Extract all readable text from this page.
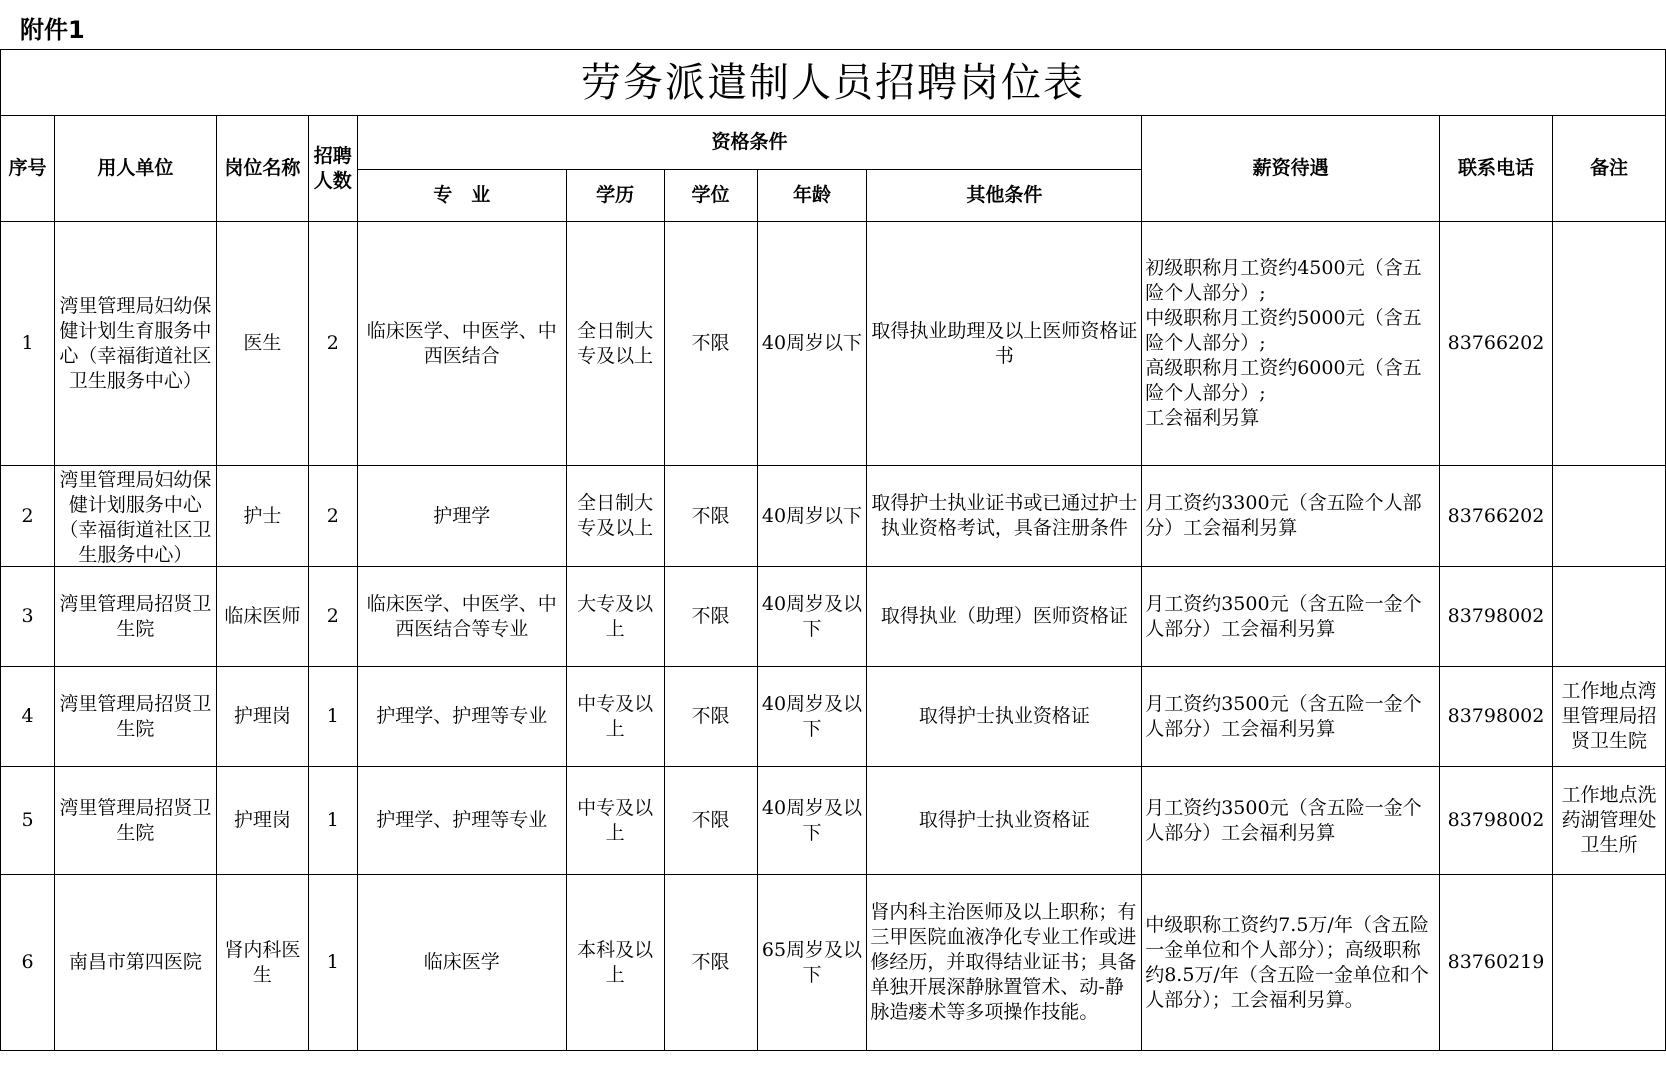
附件1
劳务派遣制人员招聘岗位表											
序号	用人单位	岗位名称	招聘人数	资格条件					薪资待遇	联系电话	备注
				专　业	学历	学位	年龄	其他条件			
1	湾里管理局妇幼保健计划生育服务中心（幸福街道社区卫生服务中心）	医生	2	临床医学、中医学、中西医结合	全日制大专及以上	不限	40周岁以下	取得执业助理及以上医师资格证书	初级职称月工资约4500元（含五险个人部分）;
中级职称月工资约5000元（含五险个人部分）;
高级职称月工资约6000元（含五险个人部分）;
工会福利另算	83766202	
2	湾里管理局妇幼保健计划服务中心（幸福街道社区卫生服务中心）	护士	2	护理学	全日制大专及以上	不限	40周岁以下	取得护士执业证书或已通过护士执业资格考试，具备注册条件	月工资约3300元（含五险个人部分）工会福利另算	83766202	
3	湾里管理局招贤卫生院	临床医师	2	临床医学、中医学、中西医结合等专业	大专及以上	不限	40周岁及以下	取得执业（助理）医师资格证	月工资约3500元（含五险一金个人部分）工会福利另算	83798002	
4	湾里管理局招贤卫生院	护理岗	1	护理学、护理等专业	中专及以上	不限	40周岁及以下	取得护士执业资格证	月工资约3500元（含五险一金个人部分）工会福利另算	83798002	工作地点湾里管理局招贤卫生院
5	湾里管理局招贤卫生院	护理岗	1	护理学、护理等专业	中专及以上	不限	40周岁及以下	取得护士执业资格证	月工资约3500元（含五险一金个人部分）工会福利另算	83798002	工作地点洗药湖管理处卫生所
6	南昌市第四医院	肾内科医生	1	临床医学	本科及以上	不限	65周岁及以下	肾内科主治医师及以上职称；有三甲医院血液净化专业工作或进修经历，并取得结业证书；具备单独开展深静脉置管术、动-静脉造瘘术等多项操作技能。	中级职称工资约7.5万/年（含五险一金单位和个人部分）；高级职称约8.5万/年（含五险一金单位和个人部分）；工会福利另算。	83760219	
